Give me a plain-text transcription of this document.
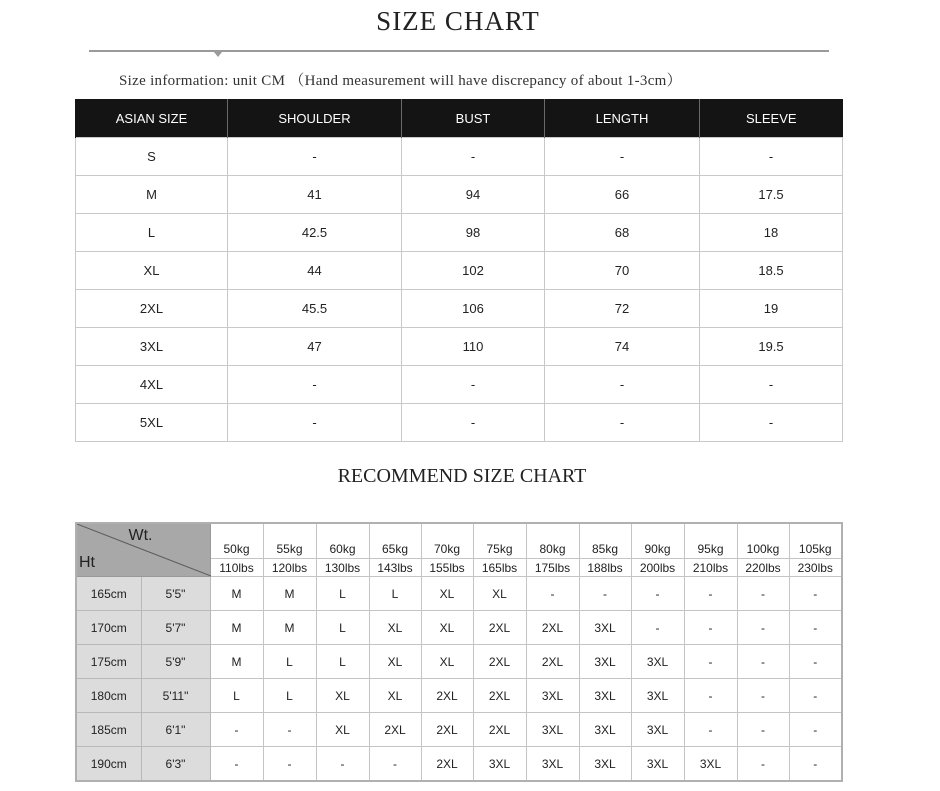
SIZE CHART
Size information: unit CM （Hand measurement will have discrepancy of about 1-3cm）
ASIAN SIZE	SHOULDER	BUST	LENGTH	SLEEVE
S	-	-	-	-
M	41	94	66	17.5
L	42.5	98	68	18
XL	44	102	70	18.5
2XL	45.5	106	72	19
3XL	47	110	74	19.5
4XL	-	-	-	-
5XL	-	-	-	-
RECOMMEND SIZE CHART
Wt.
Ht		50kg	55kg	60kg	65kg	70kg	75kg	80kg	85kg	90kg	95kg	100kg	105kg
		110lbs	120lbs	130lbs	143lbs	155lbs	165lbs	175lbs	188lbs	200lbs	210lbs	220lbs	230lbs
165cm	5'5"	M	M	L	L	XL	XL	-	-	-	-	-	-
170cm	5'7"	M	M	L	XL	XL	2XL	2XL	3XL	-	-	-	-
175cm	5'9"	M	L	L	XL	XL	2XL	2XL	3XL	3XL	-	-	-
180cm	5'11"	L	L	XL	XL	2XL	2XL	3XL	3XL	3XL	-	-	-
185cm	6'1"	-	-	XL	2XL	2XL	2XL	3XL	3XL	3XL	-	-	-
190cm	6'3"	-	-	-	-	2XL	3XL	3XL	3XL	3XL	3XL	-	-
